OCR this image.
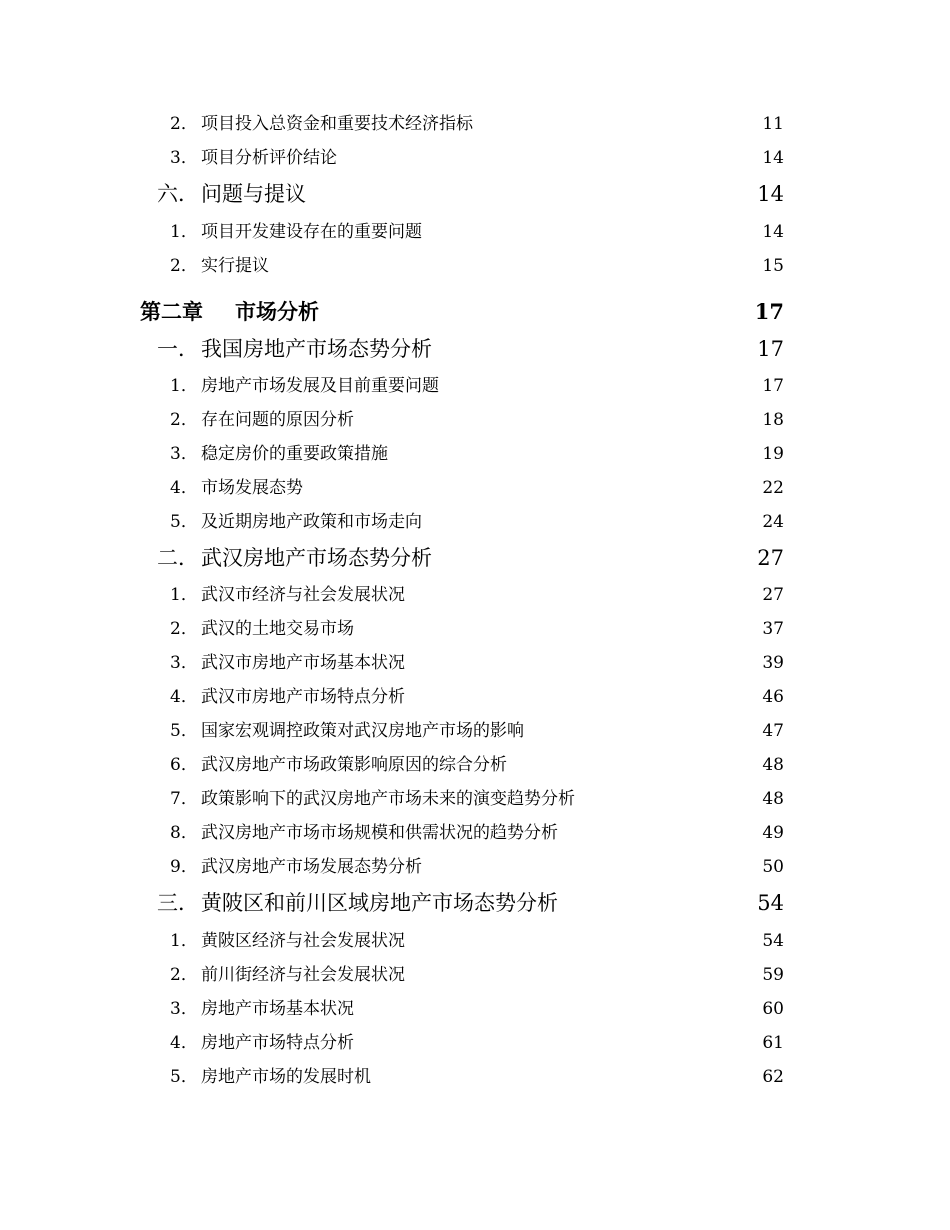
2． 项目投入总资金和重要技术经济指标	11
3． 项目分析评价结论	14
六．问题与提议	14
1． 项目开发建设存在的重要问题	14
2． 实行提议	15
第二章 市场分析	17
一．我国房地产市场态势分析	17
1． 房地产市场发展及目前重要问题	17
2． 存在问题的原因分析	18
3． 稳定房价的重要政策措施	19
4． 市场发展态势	22
5． 及近期房地产政策和市场走向	24
二．武汉房地产市场态势分析	27
1． 武汉市经济与社会发展状况	27
2． 武汉的土地交易市场	37
3． 武汉市房地产市场基本状况	39
4． 武汉市房地产市场特点分析	46
5． 国家宏观调控政策对武汉房地产市场的影响	47
6． 武汉房地产市场政策影响原因的综合分析	48
7． 政策影响下的武汉房地产市场未来的演变趋势分析	48
8． 武汉房地产市场市场规模和供需状况的趋势分析	49
9． 武汉房地产市场发展态势分析	50
三．黄陂区和前川区域房地产市场态势分析	54
1． 黄陂区经济与社会发展状况	54
2． 前川街经济与社会发展状况	59
3．房地产市场基本状况	60
4．房地产市场特点分析	61
5．房地产市场的发展时机	62
